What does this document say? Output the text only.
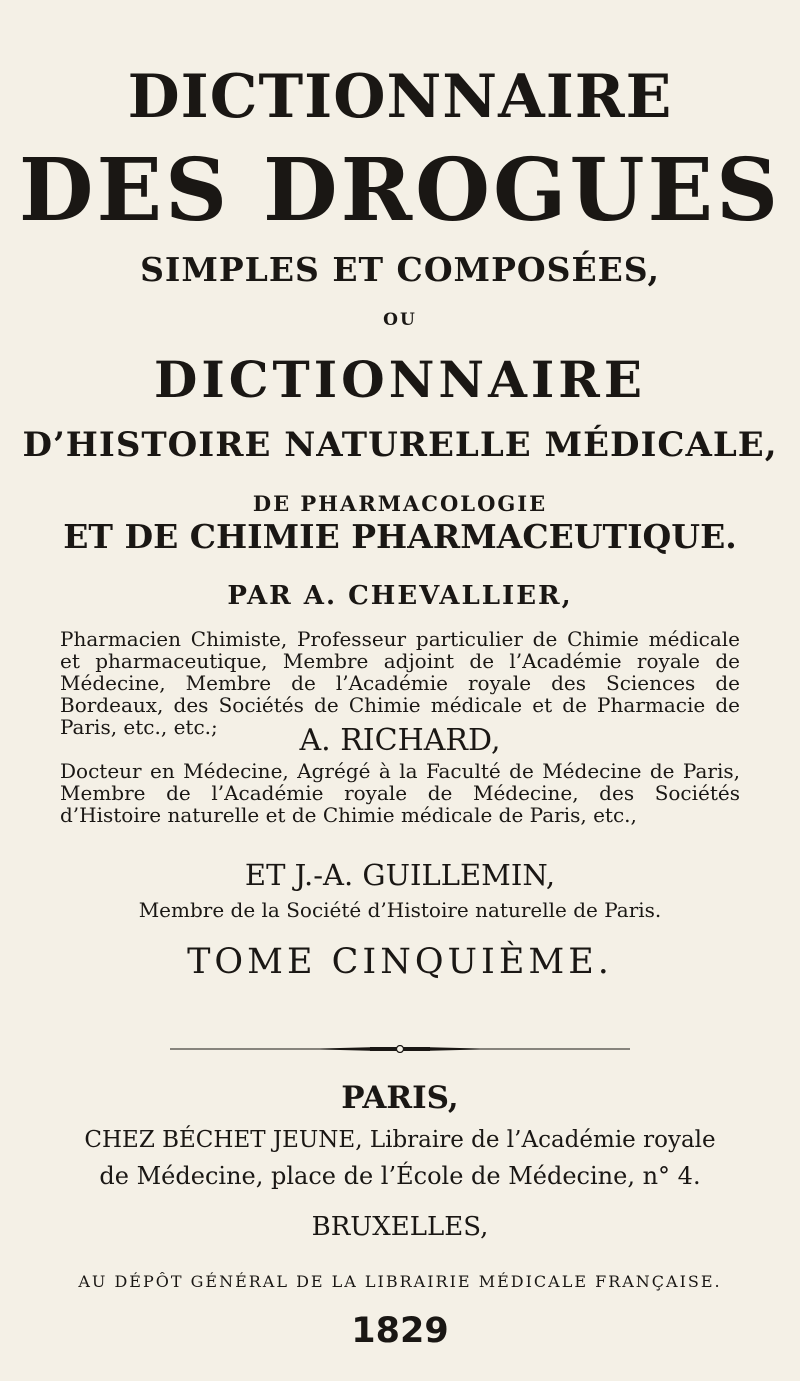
DICTIONNAIRE
DES DROGUES
SIMPLES ET COMPOSÉES,
OU
DICTIONNAIRE
D’HISTOIRE NATURELLE MÉDICALE,
DE PHARMACOLOGIE
ET DE CHIMIE PHARMACEUTIQUE.
PAR A. CHEVALLIER,
Pharmacien Chimiste, Professeur particulier de Chimie médicale et pharmaceutique, Membre adjoint de l’Académie royale de Médecine, Membre de l’Académie royale des Sciences de Bordeaux, des Sociétés de Chimie médicale et de Pharmacie de Paris, etc., etc.;	A. RICHARD,
Docteur en Médecine, Agrégé à la Faculté de Médecine de Paris, Membre de l’Académie royale de Médecine, des Sociétés d’Histoire naturelle et de Chimie médicale de Paris, etc.,
ET J.-A. GUILLEMIN,
Membre de la Société d’Histoire naturelle de Paris.
TOME CINQUIÈME.
PARIS,
CHEZ BÉCHET JEUNE, Libraire de l’Académie royale
de Médecine, place de l’École de Médecine, n° 4.
BRUXELLES,
AU DÉPÔT GÉNÉRAL DE LA LIBRAIRIE MÉDICALE FRANÇAISE.
1829
